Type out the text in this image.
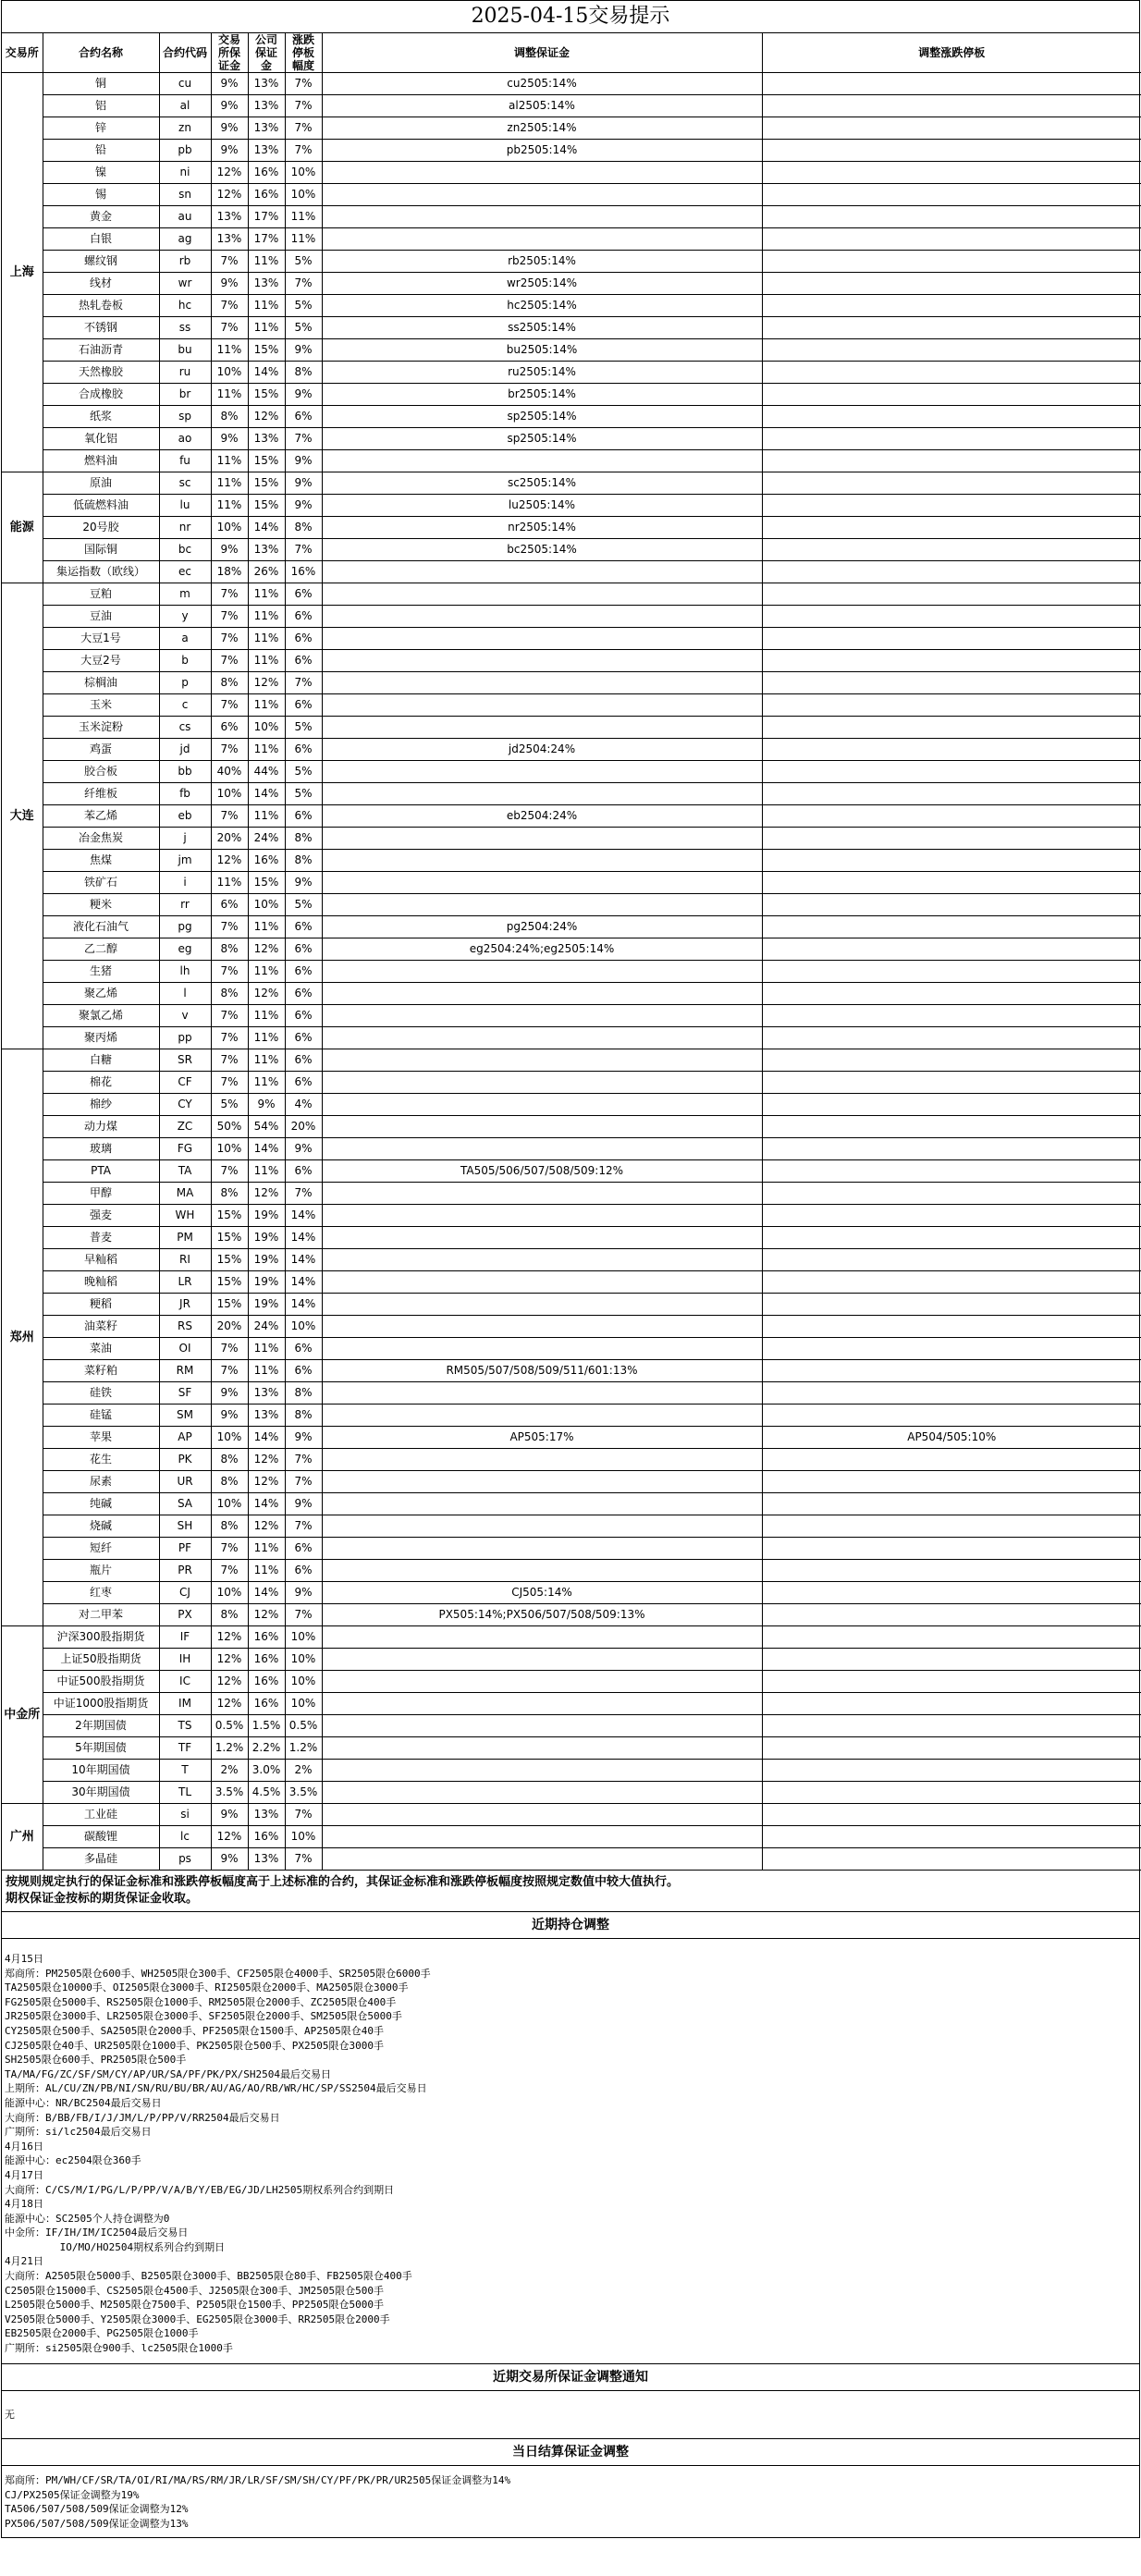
2025-04-15交易提示
交易所	合约名称	合约代码	交易所保证金	公司保证金	涨跌停板幅度	调整保证金	调整涨跌停板
上海	铜	cu	9%	13%	7%	cu2505:14%	
	铝	al	9%	13%	7%	al2505:14%	
	锌	zn	9%	13%	7%	zn2505:14%	
	铅	pb	9%	13%	7%	pb2505:14%	
	镍	ni	12%	16%	10%		
	锡	sn	12%	16%	10%		
	黄金	au	13%	17%	11%		
	白银	ag	13%	17%	11%		
	螺纹钢	rb	7%	11%	5%	rb2505:14%	
	线材	wr	9%	13%	7%	wr2505:14%	
	热轧卷板	hc	7%	11%	5%	hc2505:14%	
	不锈钢	ss	7%	11%	5%	ss2505:14%	
	石油沥青	bu	11%	15%	9%	bu2505:14%	
	天然橡胶	ru	10%	14%	8%	ru2505:14%	
	合成橡胶	br	11%	15%	9%	br2505:14%	
	纸浆	sp	8%	12%	6%	sp2505:14%	
	氧化铝	ao	9%	13%	7%	sp2505:14%	
	燃料油	fu	11%	15%	9%		
能源	原油	sc	11%	15%	9%	sc2505:14%	
	低硫燃料油	lu	11%	15%	9%	lu2505:14%	
	20号胶	nr	10%	14%	8%	nr2505:14%	
	国际铜	bc	9%	13%	7%	bc2505:14%	
	集运指数（欧线）	ec	18%	26%	16%		
大连	豆粕	m	7%	11%	6%		
	豆油	y	7%	11%	6%		
	大豆1号	a	7%	11%	6%		
	大豆2号	b	7%	11%	6%		
	棕榈油	p	8%	12%	7%		
	玉米	c	7%	11%	6%		
	玉米淀粉	cs	6%	10%	5%		
	鸡蛋	jd	7%	11%	6%	jd2504:24%	
	胶合板	bb	40%	44%	5%		
	纤维板	fb	10%	14%	5%		
	苯乙烯	eb	7%	11%	6%	eb2504:24%	
	冶金焦炭	j	20%	24%	8%		
	焦煤	jm	12%	16%	8%		
	铁矿石	i	11%	15%	9%		
	粳米	rr	6%	10%	5%		
	液化石油气	pg	7%	11%	6%	pg2504:24%	
	乙二醇	eg	8%	12%	6%	eg2504:24%;eg2505:14%	
	生猪	lh	7%	11%	6%		
	聚乙烯	l	8%	12%	6%		
	聚氯乙烯	v	7%	11%	6%		
	聚丙烯	pp	7%	11%	6%		
郑州	白糖	SR	7%	11%	6%		
	棉花	CF	7%	11%	6%		
	棉纱	CY	5%	9%	4%		
	动力煤	ZC	50%	54%	20%		
	玻璃	FG	10%	14%	9%		
	PTA	TA	7%	11%	6%	TA505/506/507/508/509:12%	
	甲醇	MA	8%	12%	7%		
	强麦	WH	15%	19%	14%		
	普麦	PM	15%	19%	14%		
	早籼稻	RI	15%	19%	14%		
	晚籼稻	LR	15%	19%	14%		
	粳稻	JR	15%	19%	14%		
	油菜籽	RS	20%	24%	10%		
	菜油	OI	7%	11%	6%		
	菜籽粕	RM	7%	11%	6%	RM505/507/508/509/511/601:13%	
	硅铁	SF	9%	13%	8%		
	硅锰	SM	9%	13%	8%		
	苹果	AP	10%	14%	9%	AP505:17%	AP504/505:10%
	花生	PK	8%	12%	7%		
	尿素	UR	8%	12%	7%		
	纯碱	SA	10%	14%	9%		
	烧碱	SH	8%	12%	7%		
	短纤	PF	7%	11%	6%		
	瓶片	PR	7%	11%	6%		
	红枣	CJ	10%	14%	9%	CJ505:14%	
	对二甲苯	PX	8%	12%	7%	PX505:14%;PX506/507/508/509:13%	
中金所	沪深300股指期货	IF	12%	16%	10%		
	上证50股指期货	IH	12%	16%	10%		
	中证500股指期货	IC	12%	16%	10%		
	中证1000股指期货	IM	12%	16%	10%		
	2年期国债	TS	0.5%	1.5%	0.5%		
	5年期国债	TF	1.2%	2.2%	1.2%		
	10年期国债	T	2%	3.0%	2%		
	30年期国债	TL	3.5%	4.5%	3.5%		
广州	工业硅	si	9%	13%	7%		
	碳酸锂	lc	12%	16%	10%		
	多晶硅	ps	9%	13%	7%		
按规则规定执行的保证金标准和涨跌停板幅度高于上述标准的合约，其保证金标准和涨跌停板幅度按照规定数值中较大值执行。
期权保证金按标的期货保证金收取。
近期持仓调整
4月15日
郑商所：PM2505限仓600手、WH2505限仓300手、CF2505限仓4000手、SR2505限仓6000手
TA2505限仓10000手、OI2505限仓3000手、RI2505限仓2000手、MA2505限仓3000手
FG2505限仓5000手、RS2505限仓1000手、RM2505限仓2000手、ZC2505限仓400手
JR2505限仓3000手、LR2505限仓3000手、SF2505限仓2000手、SM2505限仓5000手
CY2505限仓500手、SA2505限仓2000手、PF2505限仓1500手、AP2505限仓40手
CJ2505限仓40手、UR2505限仓1000手、PK2505限仓500手、PX2505限仓3000手
SH2505限仓600手、PR2505限仓500手
TA/MA/FG/ZC/SF/SM/CY/AP/UR/SA/PF/PK/PX/SH2504最后交易日
上期所：AL/CU/ZN/PB/NI/SN/RU/BU/BR/AU/AG/AO/RB/WR/HC/SP/SS2504最后交易日
能源中心：NR/BC2504最后交易日
大商所：B/BB/FB/I/J/JM/L/P/PP/V/RR2504最后交易日
广期所：si/lc2504最后交易日
4月16日
能源中心：ec2504限仓360手
4月17日
大商所：C/CS/M/I/PG/L/P/PP/V/A/B/Y/EB/EG/JD/LH2505期权系列合约到期日
4月18日
能源中心：SC2505个人持仓调整为0
中金所：IF/IH/IM/IC2504最后交易日
IO/MO/HO2504期权系列合约到期日
4月21日
大商所：A2505限仓5000手、B2505限仓3000手、BB2505限仓80手、FB2505限仓400手
C2505限仓15000手、CS2505限仓4500手、J2505限仓300手、JM2505限仓500手
L2505限仓5000手、M2505限仓7500手、P2505限仓1500手、PP2505限仓5000手
V2505限仓5000手、Y2505限仓3000手、EG2505限仓3000手、RR2505限仓2000手
EB2505限仓2000手、PG2505限仓1000手
广期所：si2505限仓900手、lc2505限仓1000手
近期交易所保证金调整通知
无
当日结算保证金调整
郑商所：PM/WH/CF/SR/TA/OI/RI/MA/RS/RM/JR/LR/SF/SM/SH/CY/PF/PK/PR/UR2505保证金调整为14%
CJ/PX2505保证金调整为19%
TA506/507/508/509保证金调整为12%
PX506/507/508/509保证金调整为13%
